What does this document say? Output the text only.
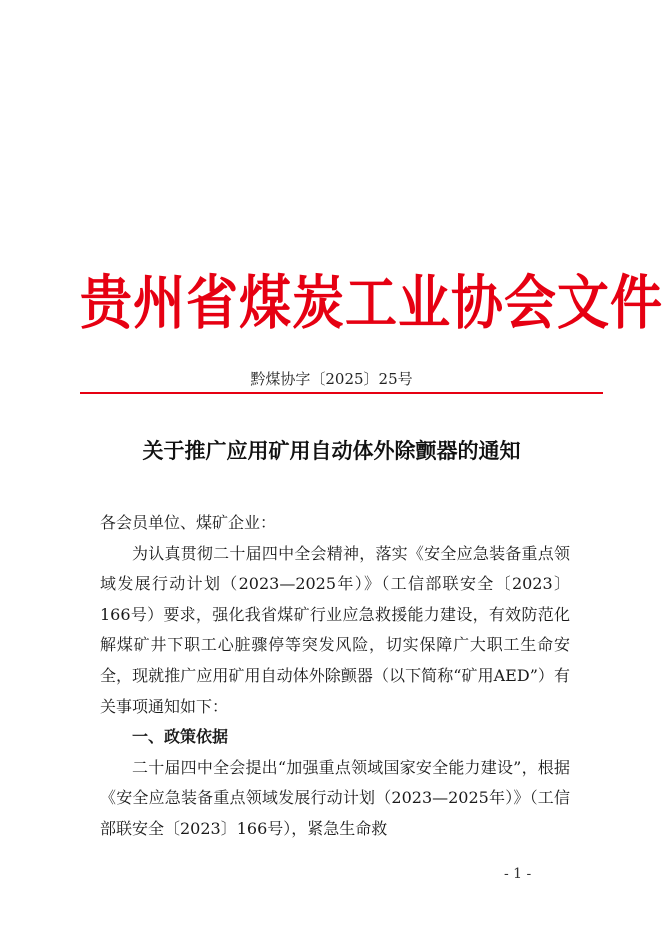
贵州省煤炭工业协会文件
黔煤协字〔2025〕25号
关于推广应用矿用自动体外除颤器的通知

各会员单位、煤矿企业：

为认真贯彻二十届四中全会精神，落实《安全应急装备重点领域发展行动计划（2023—2025年）》（工信部联安全〔2023〕166号）要求，强化我省煤矿行业应急救援能力建设，有效防范化解煤矿井下职工心脏骤停等突发风险，切实保障广大职工生命安全，现就推广应用矿用自动体外除颤器（以下简称“矿用AED”）有关事项通知如下：

一、政策依据

二十届四中全会提出“加强重点领域国家安全能力建设”，根据《安全应急装备重点领域发展行动计划（2023—2025年）》（工信部联安全〔2023〕166号），紧急生命救

- 1 -
